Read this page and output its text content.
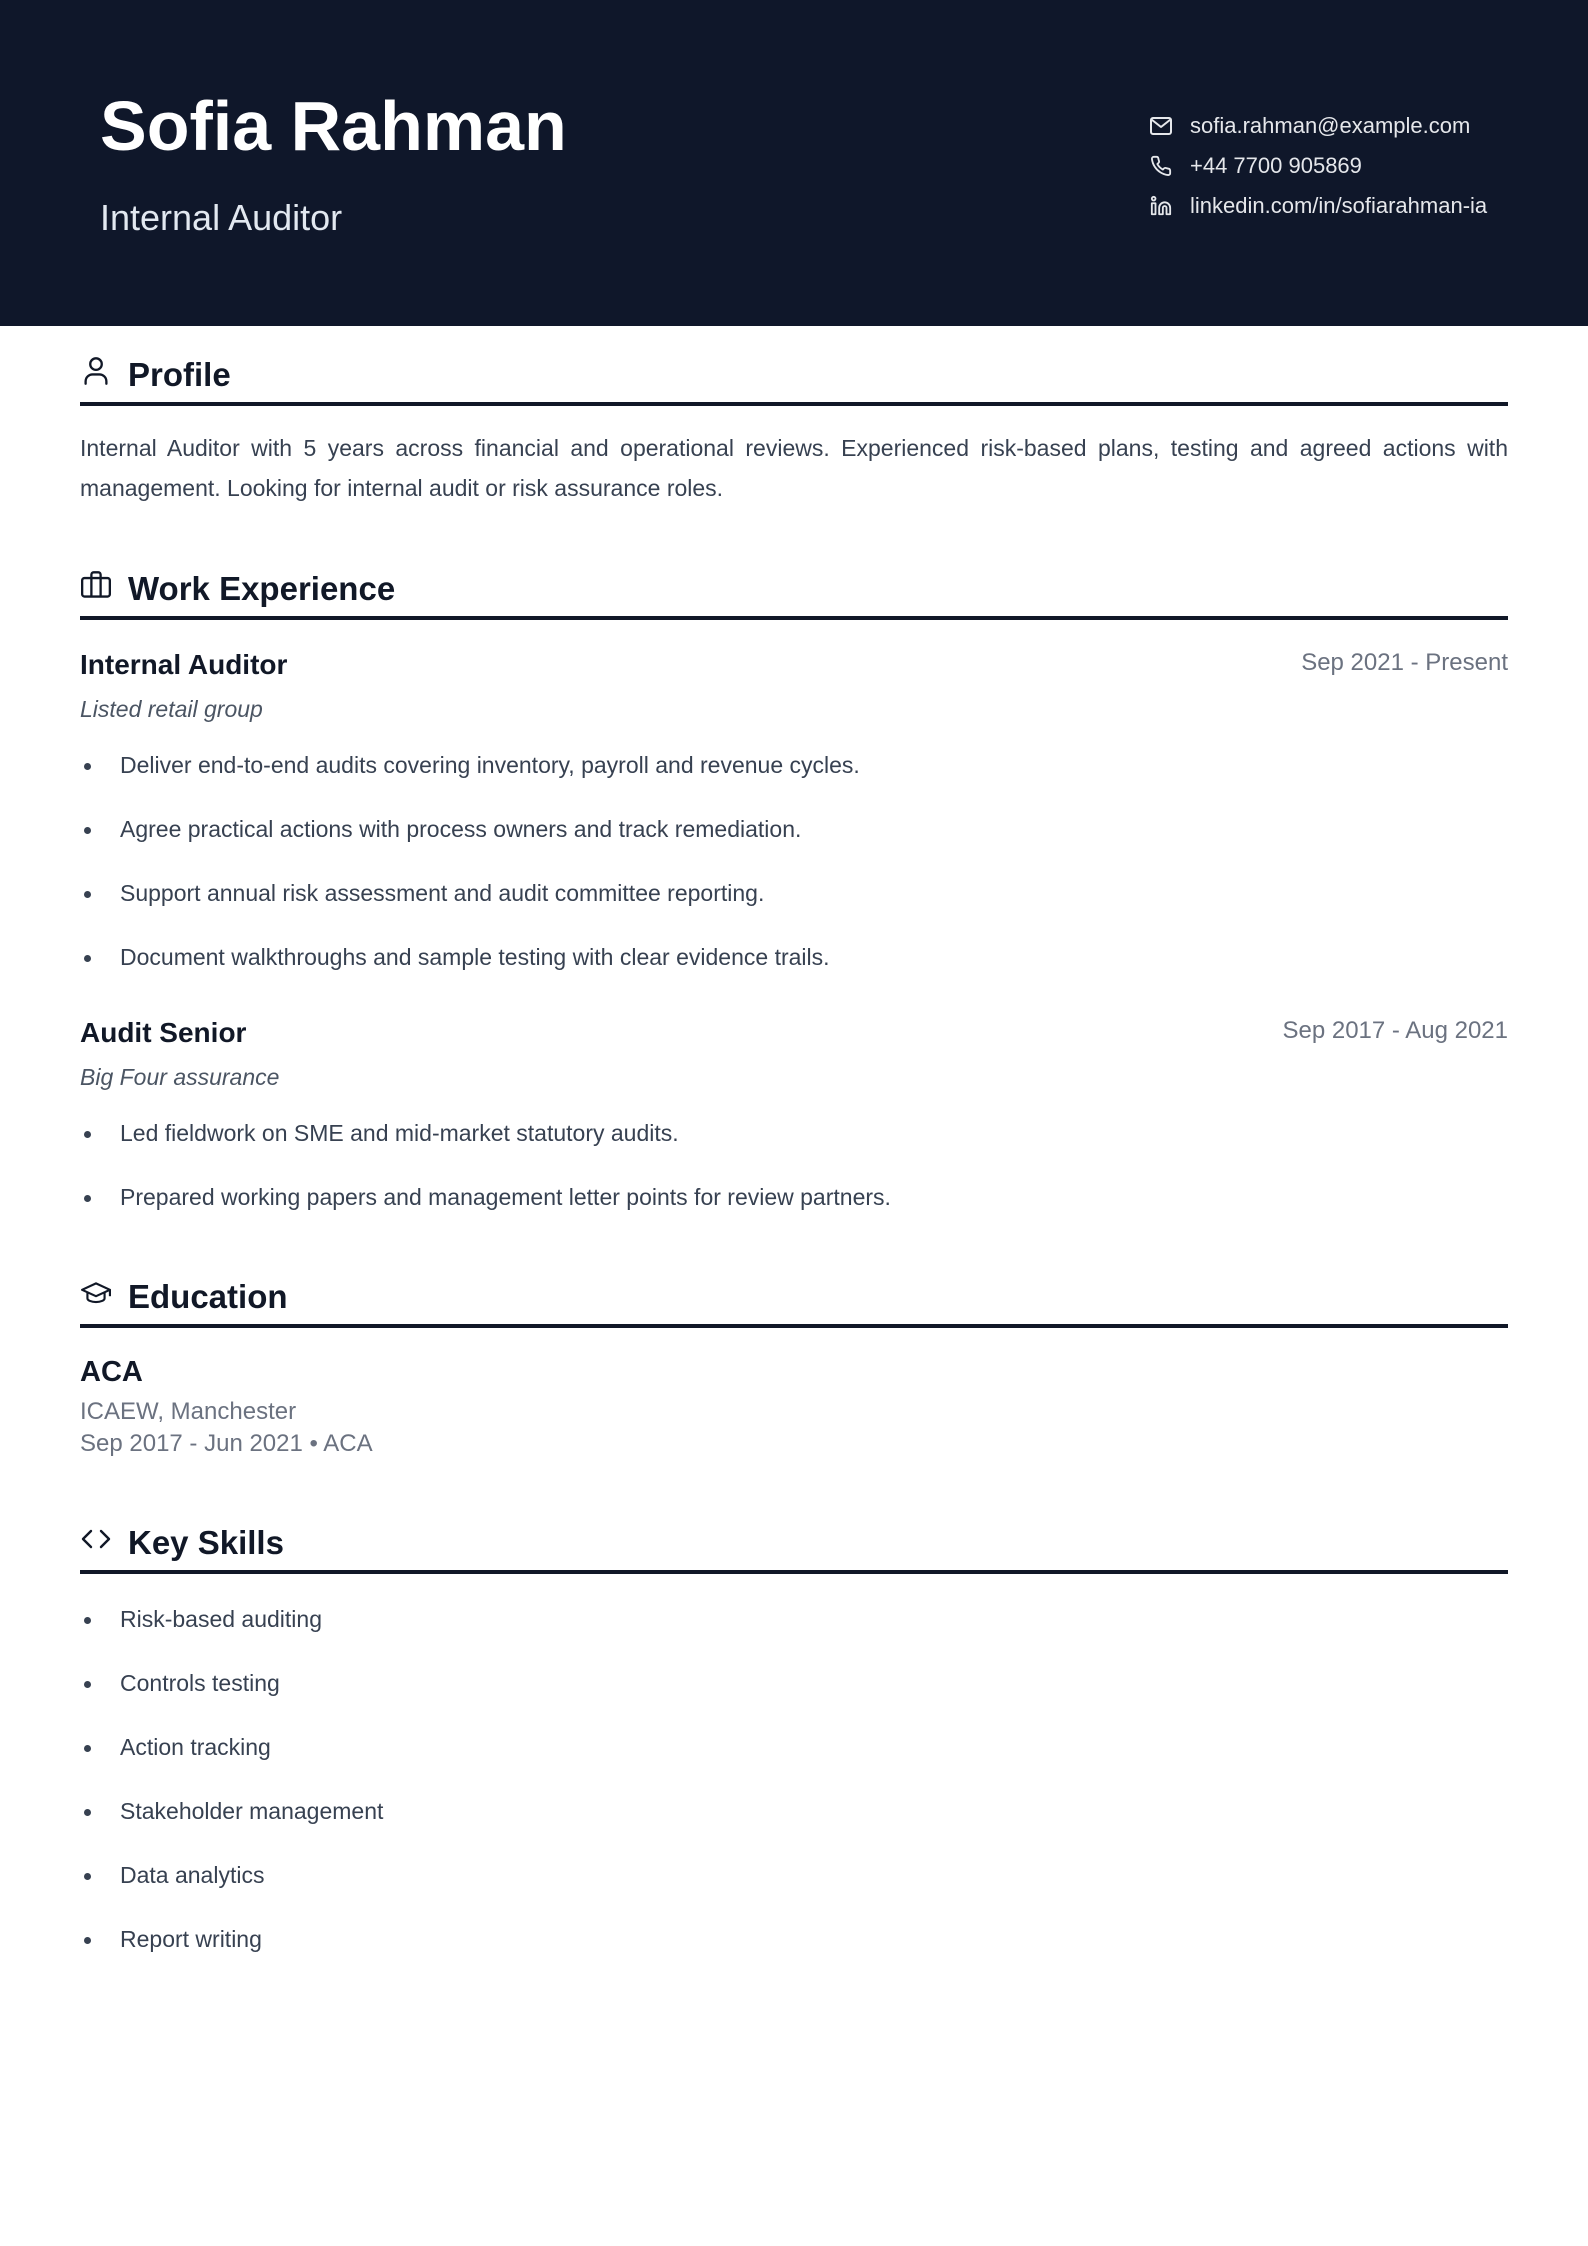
Sofia Rahman
Internal Auditor
sofia.rahman@example.com
+44 7700 905869
linkedin.com/in/sofiarahman-ia
Profile

Internal Auditor with 5 years across financial and operational reviews. Experienced risk-based plans, testing and agreed actions with management. Looking for internal audit or risk assurance roles.

Work Experience
Internal Auditor	Sep 2021 - Present
Listed retail group
Deliver end-to-end audits covering inventory, payroll and revenue cycles.
Agree practical actions with process owners and track remediation.
Support annual risk assessment and audit committee reporting.
Document walkthroughs and sample testing with clear evidence trails.
Audit Senior	Sep 2017 - Aug 2021
Big Four assurance
Led fieldwork on SME and mid-market statutory audits.
Prepared working papers and management letter points for review partners.
Education
ACA
ICAEW, Manchester
Sep 2017 - Jun 2021 • ACA
Key Skills
Risk-based auditing
Controls testing
Action tracking
Stakeholder management
Data analytics
Report writing
